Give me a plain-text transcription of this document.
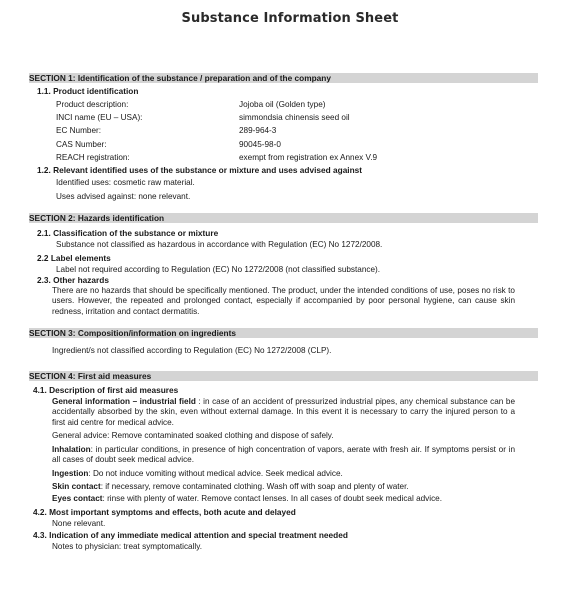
Substance Information Sheet
SECTION 1: Identification of the substance / preparation and of the company
1.1. Product identification
Product description:	Jojoba oil (Golden type)
INCI name (EU – USA):	simmondsia chinensis seed oil
EC Number:	289-964-3
CAS Number:	90045-98-0
REACH registration:	exempt from registration ex Annex V.9
1.2. Relevant identified uses of the substance or mixture and uses advised against
Identified uses: cosmetic raw material.
Uses advised against: none relevant.
SECTION 2: Hazards identification
2.1. Classification of the substance or mixture
Substance not classified as hazardous in accordance with Regulation (EC) No 1272/2008.
2.2 Label elements
Label not required according to Regulation (EC) No 1272/2008 (not classified substance).
2.3. Other hazards
There are no hazards that should be specifically mentioned. The product, under the intended conditions of use, poses no risk to users. However, the repeated and prolonged contact, especially if accompanied by poor personal hygiene, can cause skin redness, irritation and contact dermatitis.
SECTION 3: Composition/information on ingredients
Ingredient/s not classified according to Regulation (EC) No 1272/2008 (CLP).
SECTION 4: First aid measures
4.1. Description of first aid measures
General information – industrial field : in case of an accident of pressurized industrial pipes, any chemical substance can be accidentally absorbed by the skin, even without external damage. In this event it is necessary to carry the injured person to a first aid centre for medical advice.
General advice: Remove contaminated soaked clothing and dispose of safely.
Inhalation: in particular conditions, in presence of high concentration of vapors, aerate with fresh air. If symptoms persist or in all cases of doubt seek medical advice.
Ingestion: Do not induce vomiting without medical advice. Seek medical advice.
Skin contact: if necessary, remove contaminated clothing. Wash off with soap and plenty of water.
Eyes contact: rinse with plenty of water. Remove contact lenses. In all cases of doubt seek medical advice.
4.2. Most important symptoms and effects, both acute and delayed
None relevant.
4.3. Indication of any immediate medical attention and special treatment needed
Notes to physician: treat symptomatically.
